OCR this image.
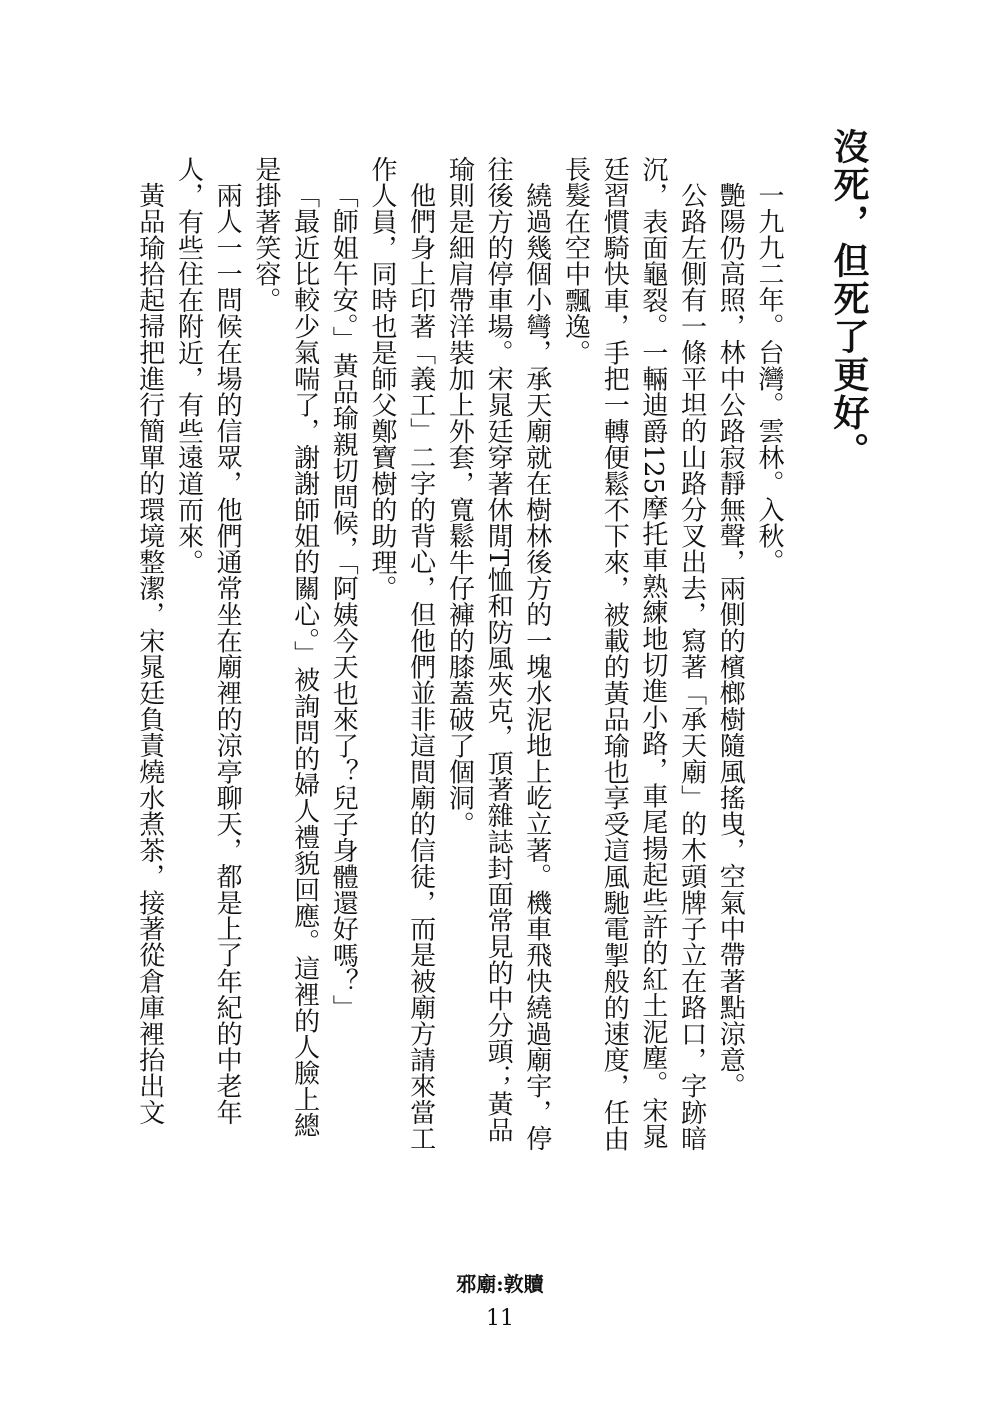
沒死，但死了更好。

一九九二年。台灣。雲林。入秋。

艷陽仍高照，林中公路寂靜無聲，兩側的檳榔樹隨風搖曳，空氣中帶著點涼意。

公路左側有一條平坦的山路分叉出去，寫著「承天廟」的木頭牌子立在路口，字跡暗沉，表面龜裂。一輛迪爵125摩托車熟練地切進小路，車尾揚起些許的紅土泥塵。宋晁廷習慣騎快車，手把一轉便鬆不下來，被載的黃品瑜也享受這風馳電掣般的速度，任由長髮在空中飄逸。

繞過幾個小彎，承天廟就在樹林後方的一塊水泥地上屹立著。機車飛快繞過廟宇，停往後方的停車場。宋晁廷穿著休閒T恤和防風夾克，頂著雜誌封面常見的中分頭；黃品瑜則是細肩帶洋裝加上外套，寬鬆牛仔褲的膝蓋破了個洞。

他們身上印著「義工」二字的背心，但他們並非這間廟的信徒，而是被廟方請來當工作人員，同時也是師父鄭寶樹的助理。

「師姐午安。」黃品瑜親切問候，「阿姨今天也來了？兒子身體還好嗎？」

「最近比較少氣喘了，謝謝師姐的關心。」被詢問的婦人禮貌回應。這裡的人臉上總是掛著笑容。

兩人一一問候在場的信眾，他們通常坐在廟裡的涼亭聊天，都是上了年紀的中老年人，有些住在附近，有些遠道而來。

黃品瑜拾起掃把進行簡單的環境整潔，宋晁廷負責燒水煮茶，接著從倉庫裡抬出文

邪廟:敦贖
11
